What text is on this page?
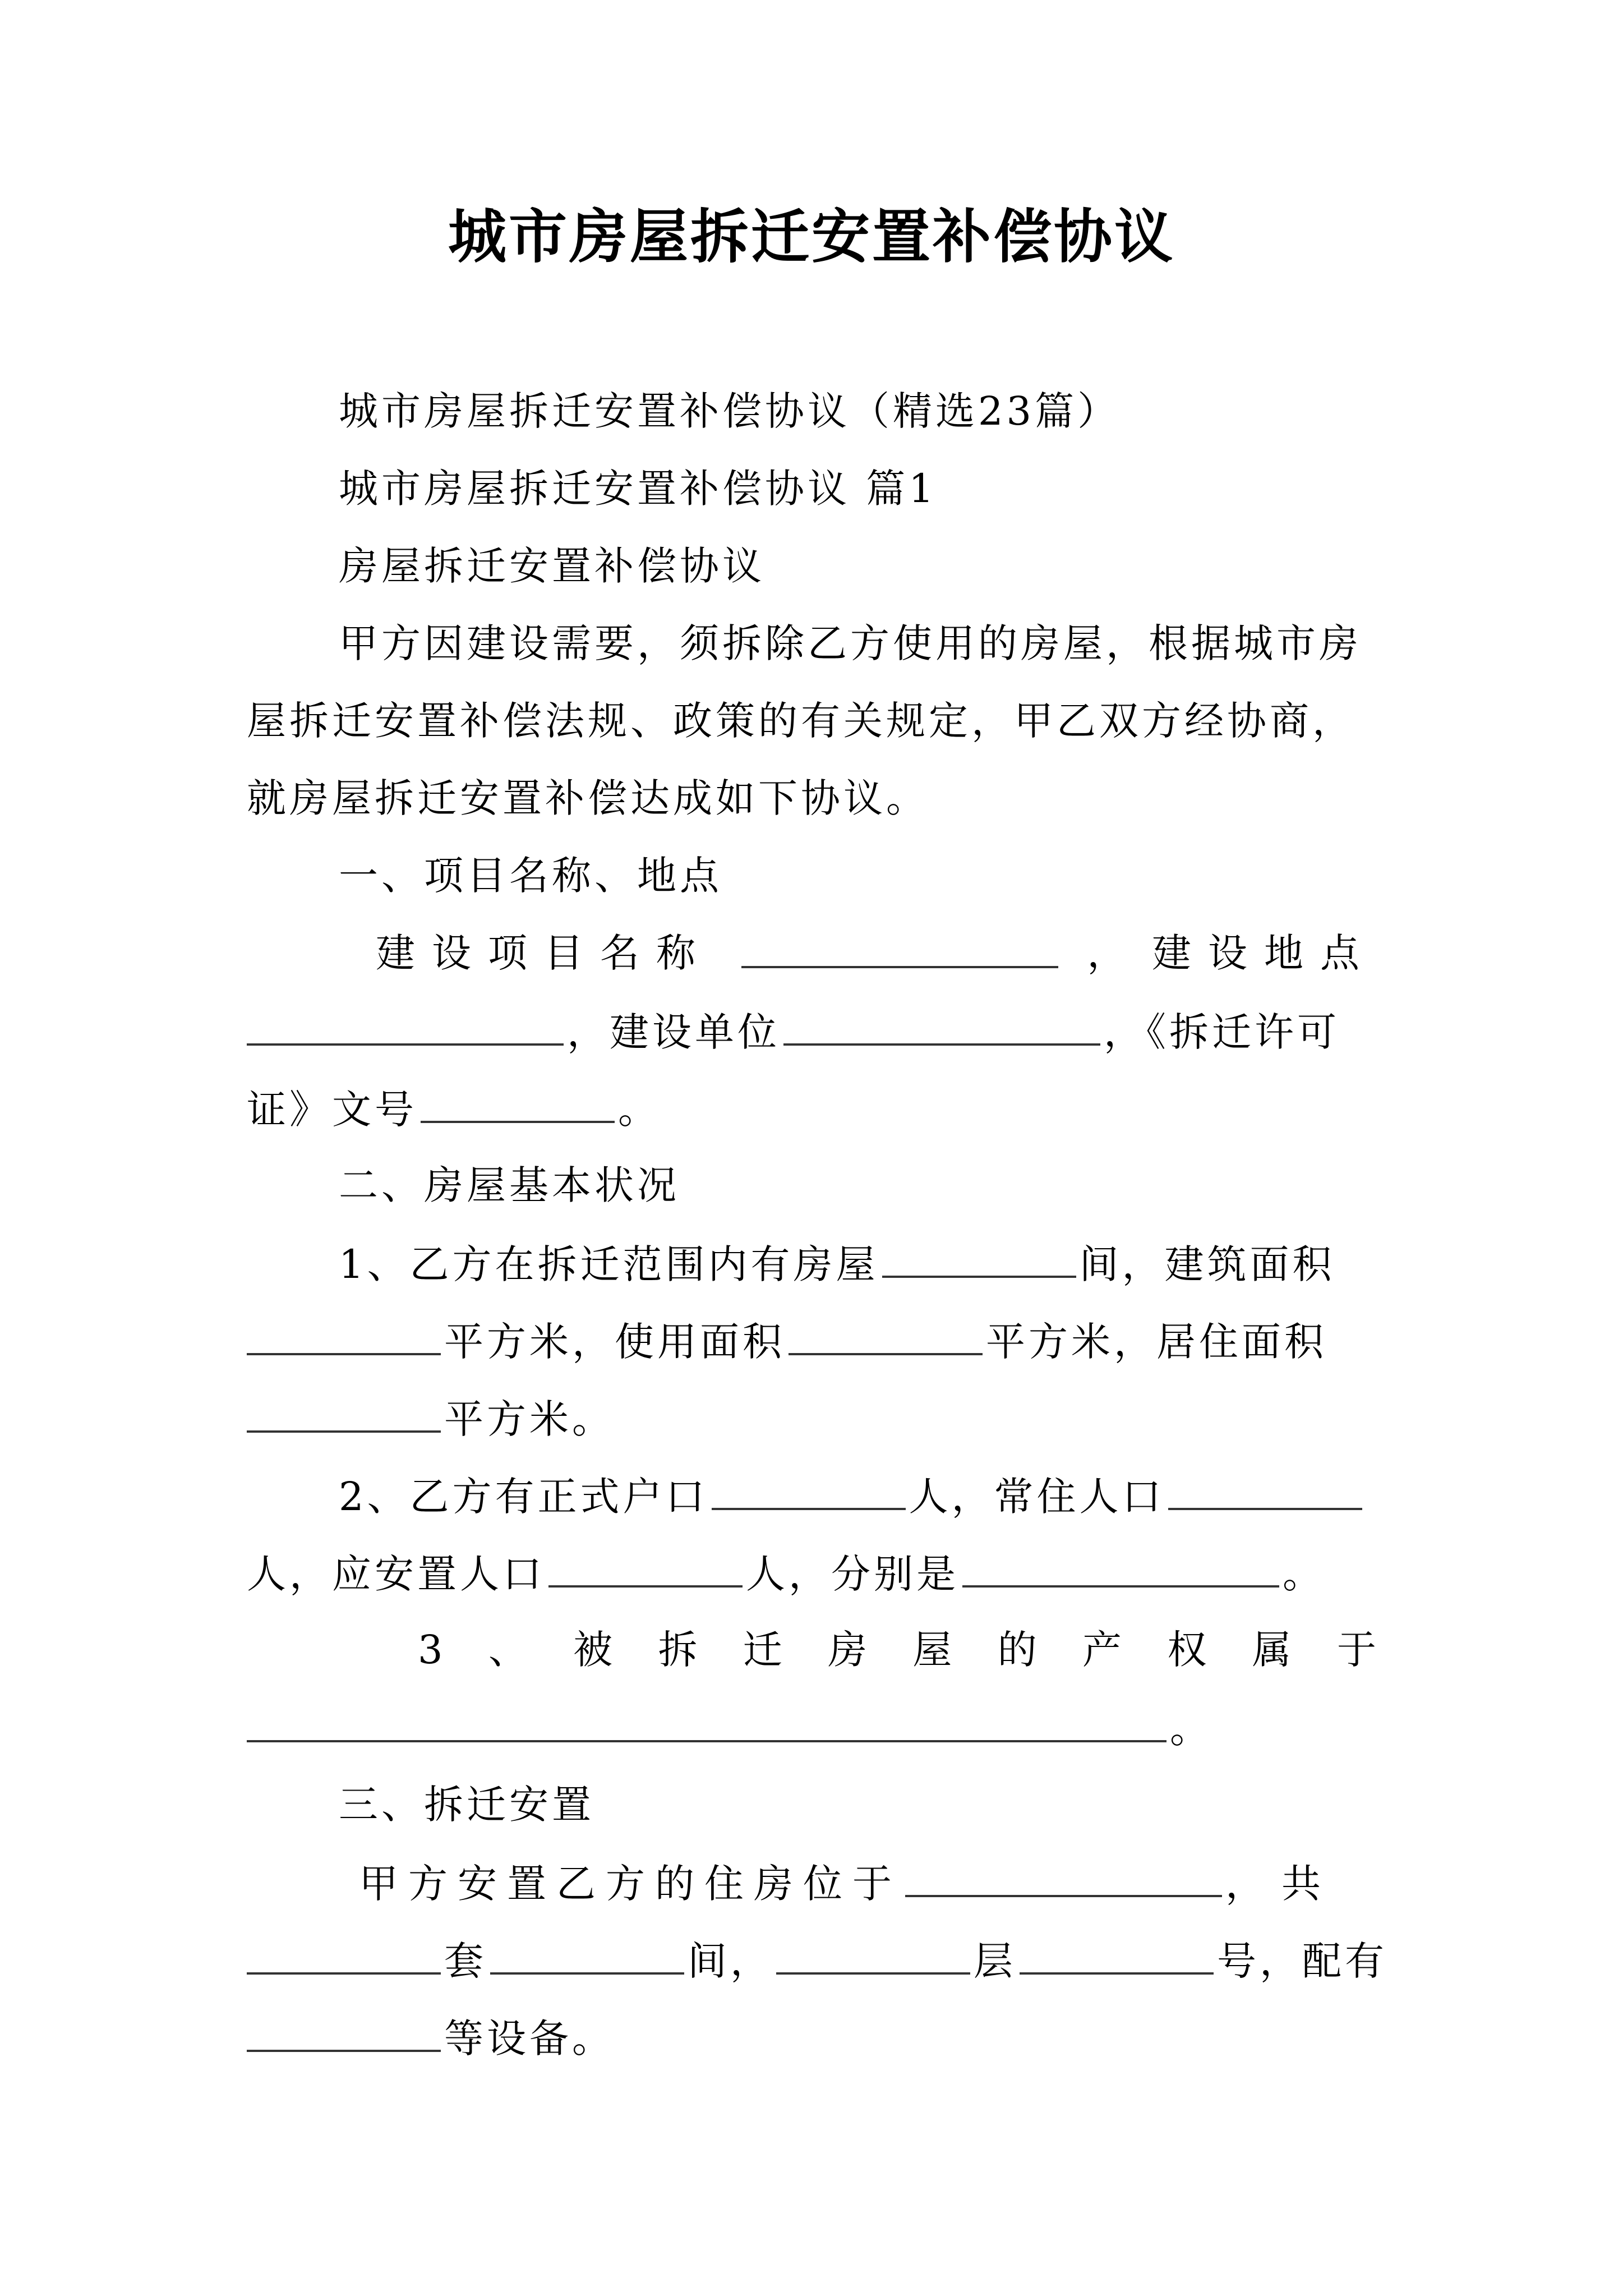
城市房屋拆迁安置补偿协议
城市房屋拆迁安置补偿协议（精选23篇）
城市房屋拆迁安置补偿协议 篇1
房屋拆迁安置补偿协议
甲方因建设需要，须拆除乙方使用的房屋，根据城市房
屋拆迁安置补偿法规、政策的有关规定，甲乙双方经协商，
就房屋拆迁安置补偿达成如下协议。
一、项目名称、地点
建设项目名称	， 建设地点
，建设单位	，《拆迁许可
证》文号	。
二、房屋基本状况
1、乙方在拆迁范围内有房屋	间，建筑面积
平方米，使用面积	平方米，居住面积
平方米。
2、乙方有正式户口	人，常住人口
人，应安置人口	人，分别是	。
3 、 被 拆 迁 房 屋 的 产 权 属 于
。
三、拆迁安置
甲方安置乙方的住房位于	，共
套	间，	层	号，配有
等设备。
